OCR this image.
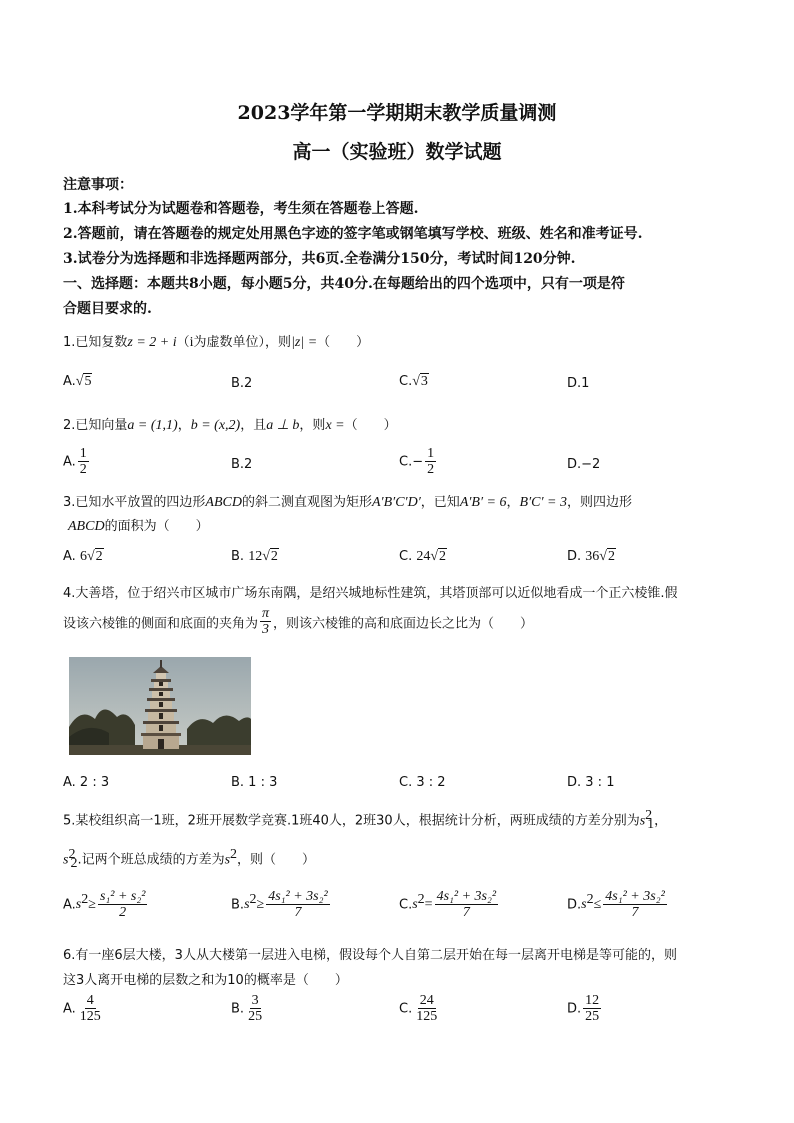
2023学年第一学期期末教学质量调测
高一（实验班）数学试题
注意事项：
1.本科考试分为试题卷和答题卷，考生须在答题卷上答题.
2.答题前，请在答题卷的规定处用黑色字迹的签字笔或钢笔填写学校、班级、姓名和准考证号.
3.试卷分为选择题和非选择题两部分，共6页.全卷满分150分，考试时间120分钟.
一、选择题：本题共8小题，每小题5分，共40分.在每题给出的四个选项中，只有一项是符
合题目要求的.
1.已知复数z = 2 + i（i为虚数单位），则|z| =（　　）
A.√5	B.2	C.√3	D.1
2.已知向量a = (1,1)，b = (x,2)，且a ⊥ b，则x =（　　）
A. $\frac{1}{2}$	B.2	$C.- \frac{1}{2}$	D.−2
3.已知水平放置的四边形ABCD的斜二测直观图为矩形A′B′C′D′，已知A′B′ = 6，B′C′ = 3，则四边形
ABCD的面积为（　　）
A. 6√2	B. 12√2	C. 24√2	D. 36√2
4.大善塔，位于绍兴市区城市广场东南隅，是绍兴城地标性建筑，其塔顶部可以近似地看成一个正六棱锥.假
设该六棱锥的侧面和底面的夹角为 $\frac{\pi}{3}$ ，则该六棱锥的高和底面边长之比为（　　）
A. 2 : 3	B. 1 : 3	C. 3 : 2	D. 3 : 1
5.某校组织高一1班，2班开展数学竞赛.1班40人，2班30人，根据统计分析，两班成绩的方差分别为$s^2_1$，
$s^2_2$.记两个班总成绩的方差为$s^2$，则（　　）
$A.s^2\ge \frac{\text{s₁² + s₂²}}{2}$	$B.s^2\ge \frac{\text{4s₁² + 3s₂²}}{7}$	$C.s^2= \frac{\text{4s₁² + 3s₂²}}{7}$	$D.s^2\le \frac{\text{4s₁² + 3s₂²}}{7}$
6.有一座6层大楼，3人从大楼第一层进入电梯，假设每个人自第二层开始在每一层离开电梯是等可能的，则
这3人离开电梯的层数之和为10的概率是（　　）
A. $\frac{4}{125}$	B. $\frac{3}{25}$	C. $\frac{24}{125}$	D. $\frac{12}{25}$
